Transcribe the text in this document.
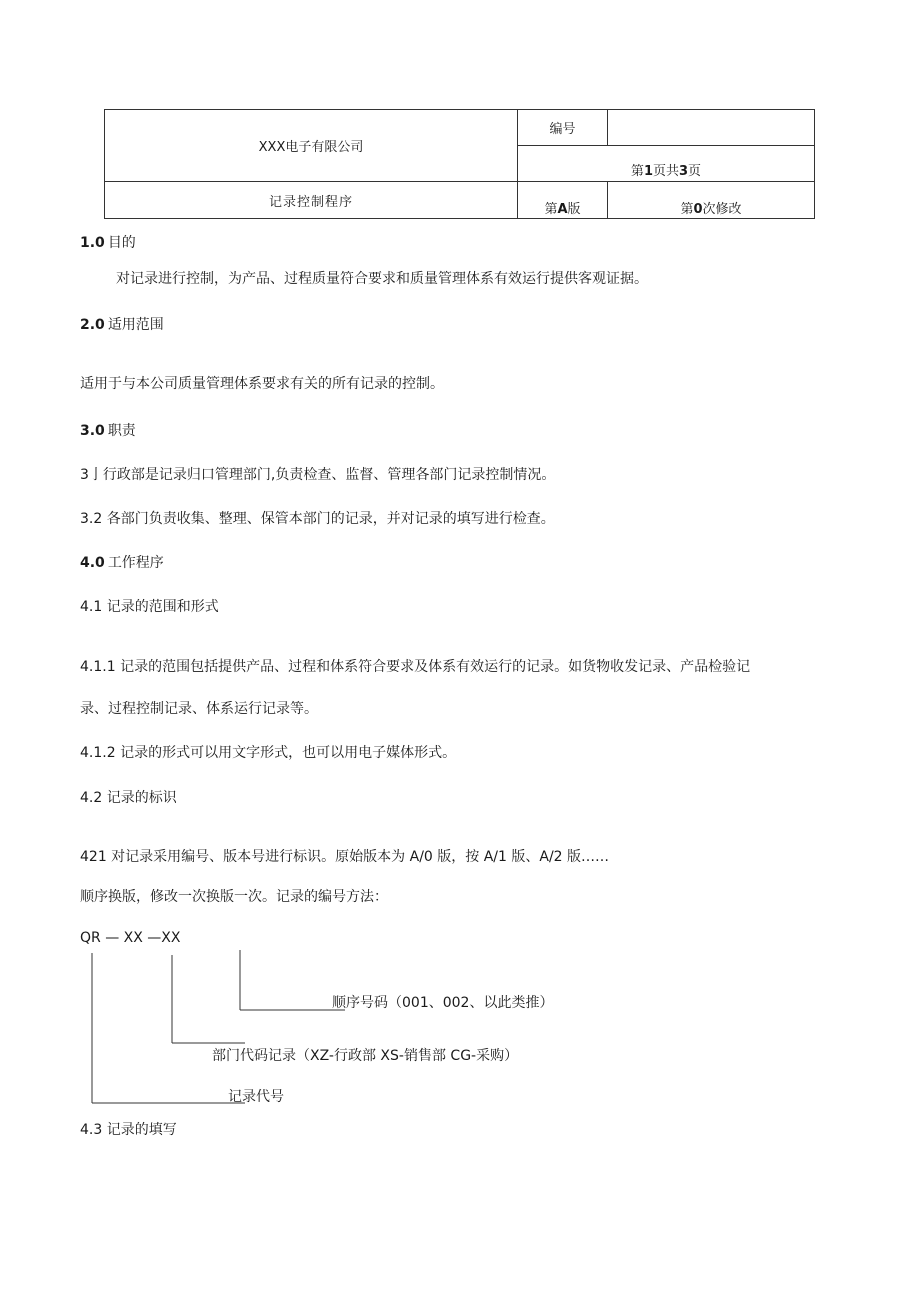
XXX电子有限公司	编号	
	第1页共3页	
记录控制程序	第A版	第0次修改
1.0 目的
对记录进行控制，为产品、过程质量符合要求和质量管理体系有效运行提供客观证据。
2.0 适用范围
适用于与本公司质量管理体系要求有关的所有记录的控制。
3.0 职责
3亅行政部是记录归口管理部门,负责检查、监督、管理各部门记录控制情况。
3.2 各部门负责收集、整理、保管本部门的记录，并对记录的填写进行检查。
4.0 工作程序
4.1 记录的范围和形式
4.1.1 记录的范围包括提供产品、过程和体系符合要求及体系有效运行的记录。如货物收发记录、产品检验记
录、过程控制记录、体系运行记录等。
4.1.2 记录的形式可以用文字形式，也可以用电子媒体形式。
4.2 记录的标识
421 对记录采用编号、版本号进行标识。原始版本为 A/0 版，按 A/1 版、A/2 版……
顺序换版，修改一次换版一次。记录的编号方法：
QR — XX —XX
顺序号码（001、002、以此类推）
部门代码记录（XZ-行政部 XS-销售部 CG-采购）
记录代号
4.3 记录的填写
